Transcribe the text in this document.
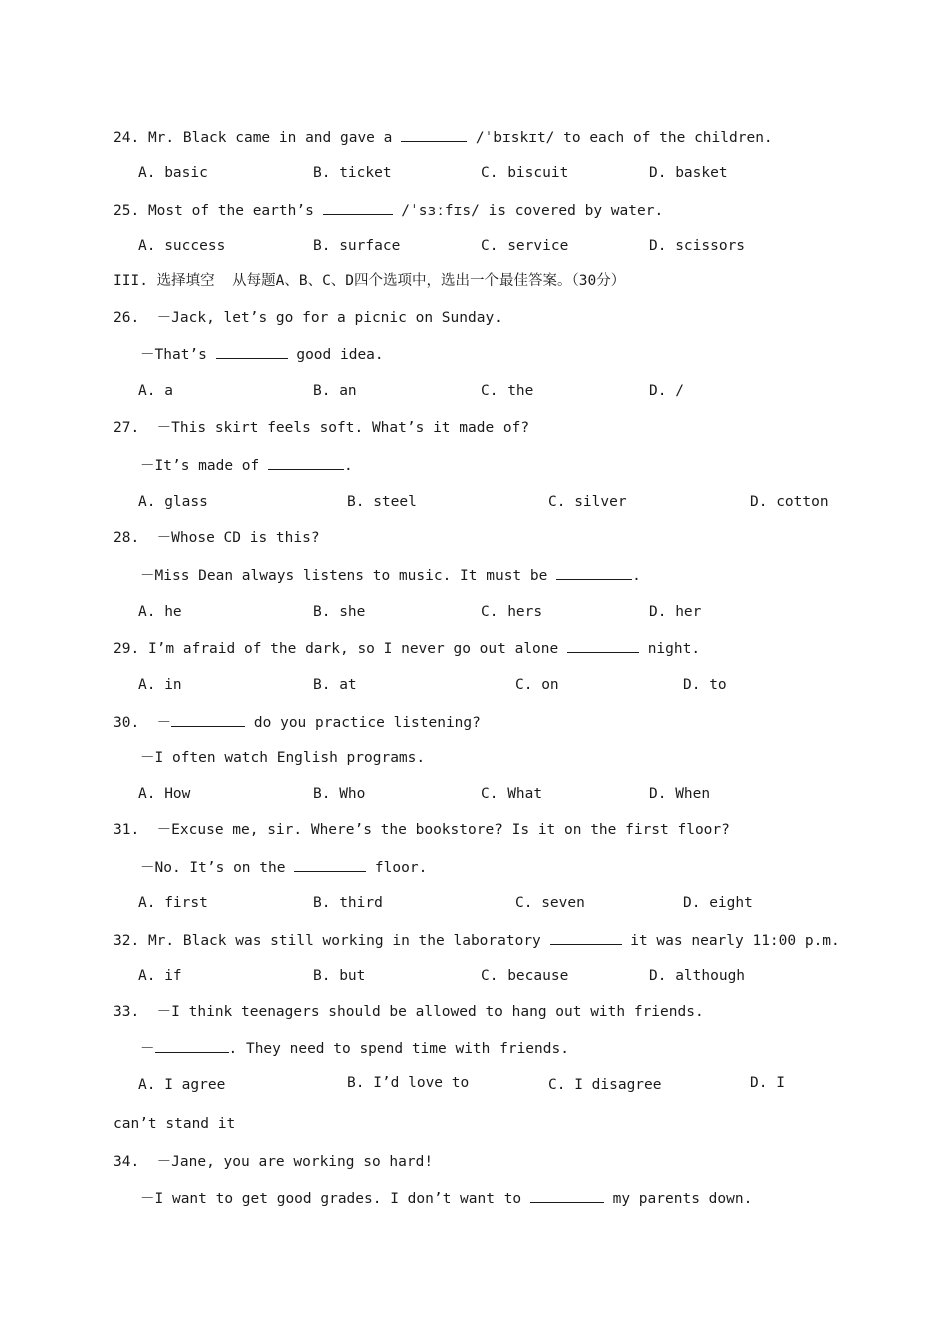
24. Mr. Black came in and gave a	/ˈbɪskɪt/ to each of the children.
A. basic	B. ticket	C. biscuit	D. basket
25. Most of the earth’s	/ˈsɜːfɪs/ is covered by water.
A. success	B. surface	C. service	D. scissors
III. 选择填空  从每题A、B、C、D四个选项中，选出一个最佳答案。（30分）
26. －Jack, let’s go for a picnic on Sunday.
－That’s	good idea.
A. a	B. an	C. the	D. /
27. －This skirt feels soft. What’s it made of?
－It’s made of	.
A. glass	B. steel	C. silver	D. cotton
28. －Whose CD is this?
－Miss Dean always listens to music. It must be	.
A. he	B. she	C. hers	D. her
29. I’m afraid of the dark, so I never go out alone	night.
A. in	B. at	C. on	D. to
30. －	do you practice listening?
－I often watch English programs.
A. How	B. Who	C. What	D. When
31. －Excuse me, sir. Where’s the bookstore? Is it on the first floor?
－No. It’s on the	floor.
A. first	B. third	C. seven	D. eight
32. Mr. Black was still working in the laboratory	it was nearly 11:00 p.m.
A. if	B. but	C. because	D. although
33. －I think teenagers should be allowed to hang out with friends.
－	. They need to spend time with friends.
A. I agree	B. I’d love to	C. I disagree	D. I
can’t stand it
34. －Jane, you are working so hard!
－I want to get good grades. I don’t want to	my parents down.
